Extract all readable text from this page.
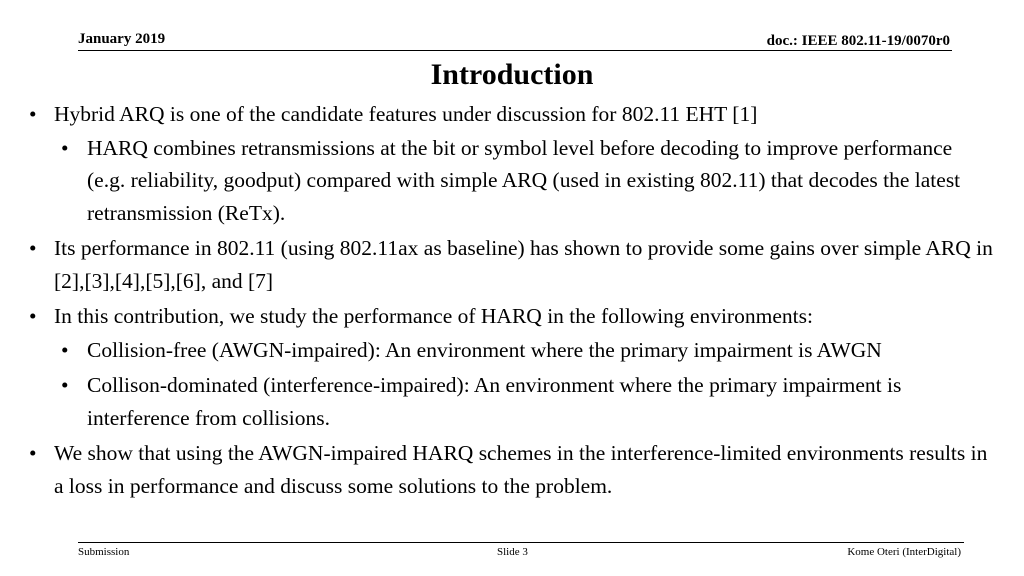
January 2019	doc.: IEEE 802.11-19/0070r0
Introduction
• Hybrid ARQ is one of the candidate features under discussion for 802.11 EHT [1]
• HARQ combines retransmissions at the bit or symbol level before decoding to improve performance (e.g. reliability, goodput) compared with simple ARQ (used in existing 802.11) that decodes the latest retransmission (ReTx).
• Its performance in 802.11 (using 802.11ax as baseline) has shown to provide some gains over simple ARQ in [2],[3],[4],[5],[6], and [7]
• In this contribution, we study the performance of HARQ in the following environments:
• Collision-free (AWGN-impaired): An environment where the primary impairment is AWGN
• Collison-dominated (interference-impaired): An environment where the primary impairment is interference from collisions.
• We show that using the AWGN-impaired HARQ schemes in the interference-limited environments results in a loss in performance and discuss some solutions to the problem.
Submission	Slide 3	Kome Oteri (InterDigital)
